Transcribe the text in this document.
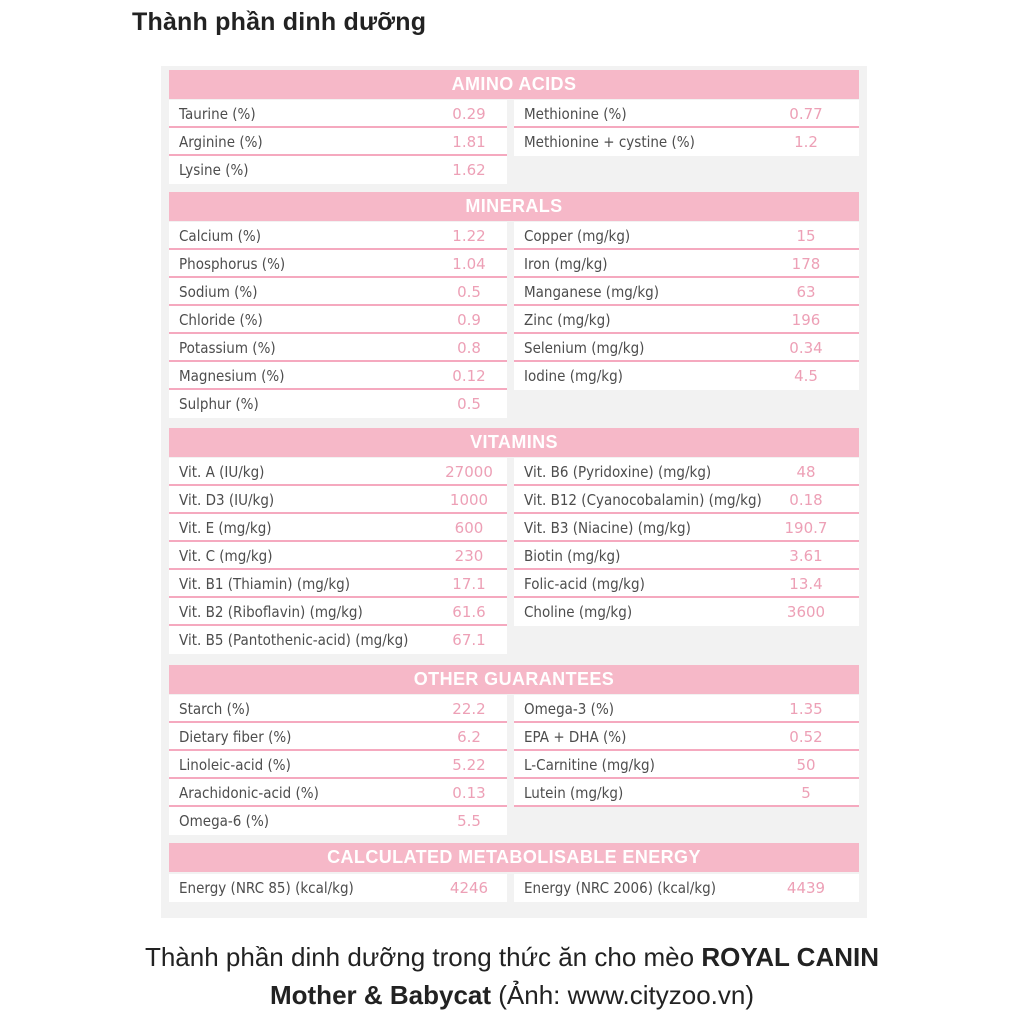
Thành phần dinh dưỡng
AMINO ACIDS
Taurine (%)	0.29
Arginine (%)	1.81
Lysine (%)	1.62
Methionine (%)	0.77
Methionine + cystine (%)	1.2
MINERALS
Calcium (%)	1.22
Phosphorus (%)	1.04
Sodium (%)	0.5
Chloride (%)	0.9
Potassium (%)	0.8
Magnesium (%)	0.12
Sulphur (%)	0.5
Copper (mg/kg)	15
Iron (mg/kg)	178
Manganese (mg/kg)	63
Zinc (mg/kg)	196
Selenium (mg/kg)	0.34
Iodine (mg/kg)	4.5
VITAMINS
Vit. A (IU/kg)	27000
Vit. D3 (IU/kg)	1000
Vit. E (mg/kg)	600
Vit. C (mg/kg)	230
Vit. B1 (Thiamin) (mg/kg)	17.1
Vit. B2 (Riboflavin) (mg/kg)	61.6
Vit. B5 (Pantothenic-acid) (mg/kg)	67.1
Vit. B6 (Pyridoxine) (mg/kg)	48
Vit. B12 (Cyanocobalamin) (mg/kg)	0.18
Vit. B3 (Niacine) (mg/kg)	190.7
Biotin (mg/kg)	3.61
Folic-acid (mg/kg)	13.4
Choline (mg/kg)	3600
OTHER GUARANTEES
Starch (%)	22.2
Dietary fiber (%)	6.2
Linoleic-acid (%)	5.22
Arachidonic-acid (%)	0.13
Omega-6 (%)	5.5
Omega-3 (%)	1.35
EPA + DHA (%)	0.52
L-Carnitine (mg/kg)	50
Lutein (mg/kg)	5
CALCULATED METABOLISABLE ENERGY
Energy (NRC 85) (kcal/kg)	4246	Energy (NRC 2006) (kcal/kg)	4439
Thành phần dinh dưỡng trong thức ăn cho mèo ROYAL CANIN
Mother & Babycat (Ảnh: www.cityzoo.vn)
